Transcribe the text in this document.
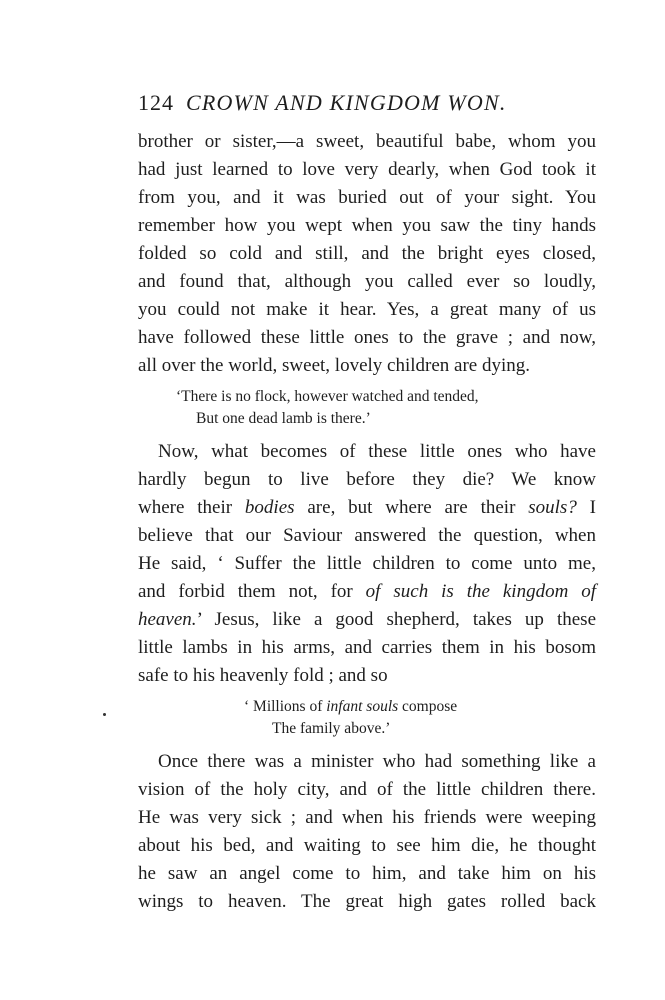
124 CROWN AND KINGDOM WON.

brother or sister,—a sweet, beautiful babe, whom you
had just learned to love very dearly, when God took it
from you, and it was buried out of your sight. You
remember how you wept when you saw the tiny hands
folded so cold and still, and the bright eyes closed,
and found that, although you called ever so loudly,
you could not make it hear. Yes, a great many of us
have followed these little ones to the grave ; and now,
all over the world, sweet, lovely children are dying.

‘There is no flock, however watched and tended,
But one dead lamb is there.’

Now, what becomes of these little ones who have
hardly begun to live before they die? We know
where their bodies are, but where are their souls? I
believe that our Saviour answered the question, when
He said, ‘ Suffer the little children to come unto me,
and forbid them not, for of such is the kingdom of
heaven.’ Jesus, like a good shepherd, takes up these
little lambs in his arms, and carries them in his bosom
safe to his heavenly fold ; and so

‘ Millions of infant souls compose
The family above.’

Once there was a minister who had something like a
vision of the holy city, and of the little children there.
He was very sick ; and when his friends were weeping
about his bed, and waiting to see him die, he thought
he saw an angel come to him, and take him on his
wings to heaven. The great high gates rolled back
